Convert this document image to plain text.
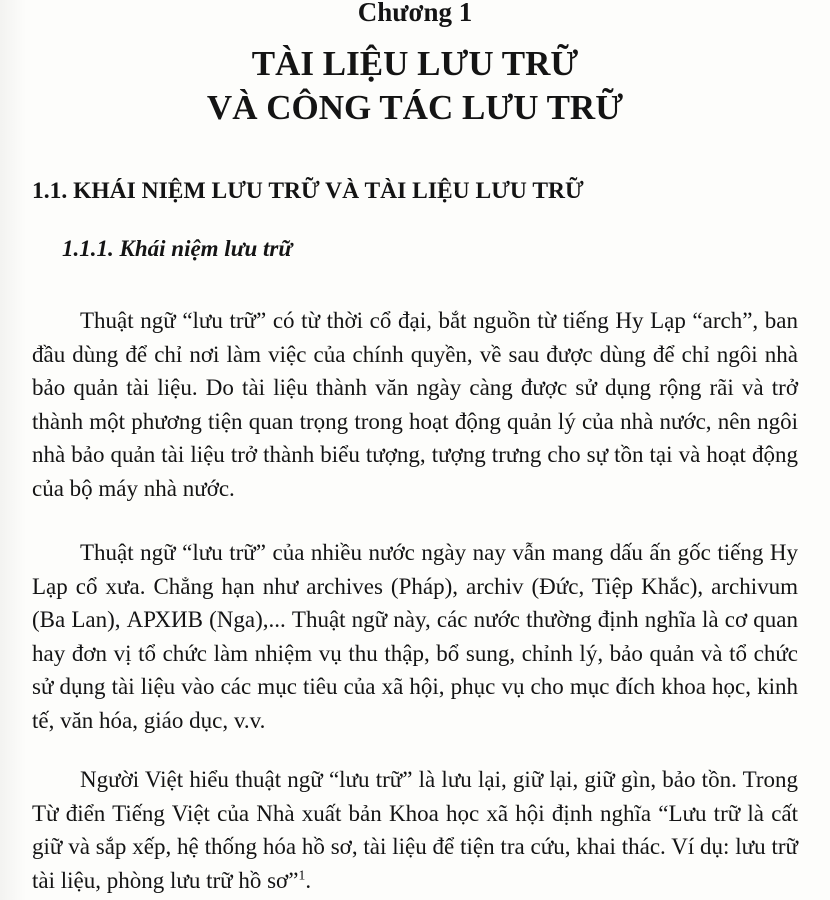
Chương 1
TÀI LIỆU LƯU TRỮ
VÀ CÔNG TÁC LƯU TRỮ
1.1. KHÁI NIỆM LƯU TRỮ VÀ TÀI LIỆU LƯU TRỮ
1.1.1. Khái niệm lưu trữ

Thuật ngữ “lưu trữ” có từ thời cổ đại, bắt nguồn từ tiếng Hy Lạp “arch”, ban đầu dùng để chỉ nơi làm việc của chính quyền, về sau được dùng để chỉ ngôi nhà bảo quản tài liệu. Do tài liệu thành văn ngày càng được sử dụng rộng rãi và trở thành một phương tiện quan trọng trong hoạt động quản lý của nhà nước, nên ngôi nhà bảo quản tài liệu trở thành biểu tượng, tượng trưng cho sự tồn tại và hoạt động của bộ máy nhà nước.

Thuật ngữ “lưu trữ” của nhiều nước ngày nay vẫn mang dấu ấn gốc tiếng Hy Lạp cổ xưa. Chẳng hạn như archives (Pháp), archiv (Đức, Tiệp Khắc), archivum (Ba Lan), АРХИВ (Nga),... Thuật ngữ này, các nước thường định nghĩa là cơ quan hay đơn vị tổ chức làm nhiệm vụ thu thập, bổ sung, chỉnh lý, bảo quản và tổ chức sử dụng tài liệu vào các mục tiêu của xã hội, phục vụ cho mục đích khoa học, kinh tế, văn hóa, giáo dục, v.v.

Người Việt hiểu thuật ngữ “lưu trữ” là lưu lại, giữ lại, giữ gìn, bảo tồn. Trong Từ điển Tiếng Việt của Nhà xuất bản Khoa học xã hội định nghĩa “Lưu trữ là cất giữ và sắp xếp, hệ thống hóa hồ sơ, tài liệu để tiện tra cứu, khai thác. Ví dụ: lưu trữ tài liệu, phòng lưu trữ hồ sơ”$^1$.
